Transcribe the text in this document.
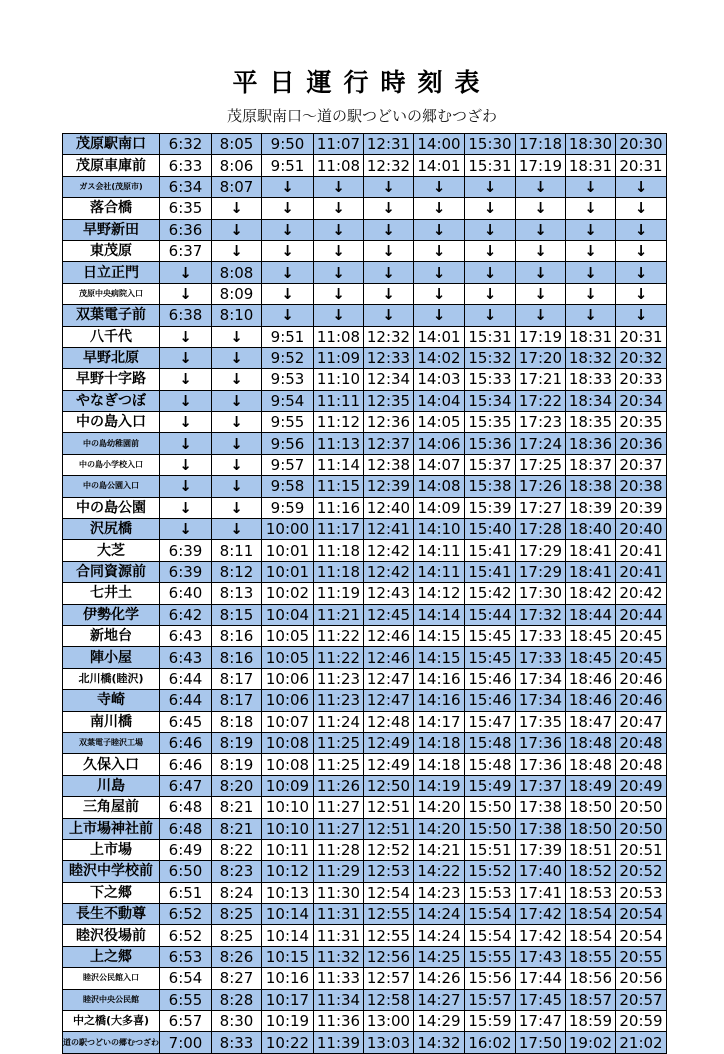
平日運行時刻表
茂原駅南口〜道の駅つどいの郷むつざわ
茂原駅南口	6:32	8:05	9:50	11:07	12:31	14:00	15:30	17:18	18:30	20:30
茂原車庫前	6:33	8:06	9:51	11:08	12:32	14:01	15:31	17:19	18:31	20:31
ガス会社(茂原市)	6:34	8:07	↓	↓	↓	↓	↓	↓	↓	↓
落合橋	6:35	↓	↓	↓	↓	↓	↓	↓	↓	↓
早野新田	6:36	↓	↓	↓	↓	↓	↓	↓	↓	↓
東茂原	6:37	↓	↓	↓	↓	↓	↓	↓	↓	↓
日立正門	↓	8:08	↓	↓	↓	↓	↓	↓	↓	↓
茂原中央病院入口	↓	8:09	↓	↓	↓	↓	↓	↓	↓	↓
双葉電子前	6:38	8:10	↓	↓	↓	↓	↓	↓	↓	↓
八千代	↓	↓	9:51	11:08	12:32	14:01	15:31	17:19	18:31	20:31
早野北原	↓	↓	9:52	11:09	12:33	14:02	15:32	17:20	18:32	20:32
早野十字路	↓	↓	9:53	11:10	12:34	14:03	15:33	17:21	18:33	20:33
やなぎつぼ	↓	↓	9:54	11:11	12:35	14:04	15:34	17:22	18:34	20:34
中の島入口	↓	↓	9:55	11:12	12:36	14:05	15:35	17:23	18:35	20:35
中の島幼稚園前	↓	↓	9:56	11:13	12:37	14:06	15:36	17:24	18:36	20:36
中の島小学校入口	↓	↓	9:57	11:14	12:38	14:07	15:37	17:25	18:37	20:37
中の島公園入口	↓	↓	9:58	11:15	12:39	14:08	15:38	17:26	18:38	20:38
中の島公園	↓	↓	9:59	11:16	12:40	14:09	15:39	17:27	18:39	20:39
沢尻橋	↓	↓	10:00	11:17	12:41	14:10	15:40	17:28	18:40	20:40
大芝	6:39	8:11	10:01	11:18	12:42	14:11	15:41	17:29	18:41	20:41
合同資源前	6:39	8:12	10:01	11:18	12:42	14:11	15:41	17:29	18:41	20:41
七井土	6:40	8:13	10:02	11:19	12:43	14:12	15:42	17:30	18:42	20:42
伊勢化学	6:42	8:15	10:04	11:21	12:45	14:14	15:44	17:32	18:44	20:44
新地台	6:43	8:16	10:05	11:22	12:46	14:15	15:45	17:33	18:45	20:45
陣小屋	6:43	8:16	10:05	11:22	12:46	14:15	15:45	17:33	18:45	20:45
北川橋(睦沢)	6:44	8:17	10:06	11:23	12:47	14:16	15:46	17:34	18:46	20:46
寺崎	6:44	8:17	10:06	11:23	12:47	14:16	15:46	17:34	18:46	20:46
南川橋	6:45	8:18	10:07	11:24	12:48	14:17	15:47	17:35	18:47	20:47
双葉電子睦沢工場	6:46	8:19	10:08	11:25	12:49	14:18	15:48	17:36	18:48	20:48
久保入口	6:46	8:19	10:08	11:25	12:49	14:18	15:48	17:36	18:48	20:48
川島	6:47	8:20	10:09	11:26	12:50	14:19	15:49	17:37	18:49	20:49
三角屋前	6:48	8:21	10:10	11:27	12:51	14:20	15:50	17:38	18:50	20:50
上市場神社前	6:48	8:21	10:10	11:27	12:51	14:20	15:50	17:38	18:50	20:50
上市場	6:49	8:22	10:11	11:28	12:52	14:21	15:51	17:39	18:51	20:51
睦沢中学校前	6:50	8:23	10:12	11:29	12:53	14:22	15:52	17:40	18:52	20:52
下之郷	6:51	8:24	10:13	11:30	12:54	14:23	15:53	17:41	18:53	20:53
長生不動尊	6:52	8:25	10:14	11:31	12:55	14:24	15:54	17:42	18:54	20:54
睦沢役場前	6:52	8:25	10:14	11:31	12:55	14:24	15:54	17:42	18:54	20:54
上之郷	6:53	8:26	10:15	11:32	12:56	14:25	15:55	17:43	18:55	20:55
睦沢公民館入口	6:54	8:27	10:16	11:33	12:57	14:26	15:56	17:44	18:56	20:56
睦沢中央公民館	6:55	8:28	10:17	11:34	12:58	14:27	15:57	17:45	18:57	20:57
中之橋(大多喜)	6:57	8:30	10:19	11:36	13:00	14:29	15:59	17:47	18:59	20:59
道の駅つどいの郷むつざわ	7:00	8:33	10:22	11:39	13:03	14:32	16:02	17:50	19:02	21:02
